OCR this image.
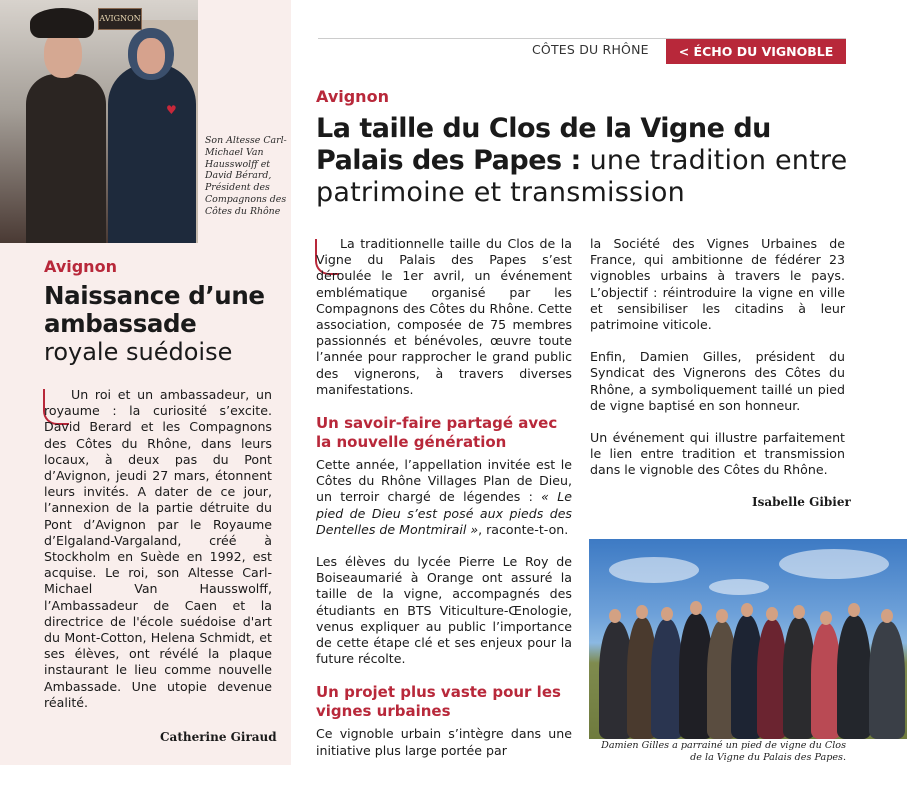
AVIGNON
♥

Son Altesse Carl-Michael Van Hausswolff et David Bérard, Président des Compagnons des Côtes du Rhône

Avignon

Naissance d’une ambassade
royale suédoise

Un roi et un ambassadeur, un royaume : la curiosité s’excite. David Berard et les Compagnons des Côtes du Rhône, dans leurs locaux, à deux pas du Pont d’Avignon, jeudi 27 mars, étonnent leurs invités. A dater de ce jour, l’annexion de la partie détruite du Pont d’Avignon par le Royaume d’Elgaland-Vargaland, créé à Stockholm en Suède en 1992, est acquise. Le roi, son Altesse Carl-Michael Van Hausswolff, l’Ambassadeur de Caen et la directrice de l'école suédoise d'art du Mont-Cotton, Helena Schmidt, et ses élèves, ont révélé la plaque instaurant le lieu comme nouvelle Ambassade. Une utopie devenue réalité.

Catherine Giraud

CÔTES DU RHÔNE	< ÉCHO DU VIGNOBLE

Avignon

La taille du Clos de la Vigne du Palais des Papes : une tradition entre patrimoine et transmission

La traditionnelle taille du Clos de la Vigne du Palais des Papes s’est déroulée le 1er avril, un événement emblématique organisé par les Compagnons des Côtes du Rhône. Cette association, composée de 75 membres passionnés et bénévoles, œuvre toute l’année pour rapprocher le grand public des vignerons, à travers diverses manifestations.

Un savoir-faire partagé avec la nouvelle génération

Cette année, l’appellation invitée est le Côtes du Rhône Villages Plan de Dieu, un terroir chargé de légendes : « Le pied de Dieu s’est posé aux pieds des Dentelles de Montmirail », raconte-t-on.

Les élèves du lycée Pierre Le Roy de Boiseaumarié à Orange ont assuré la taille de la vigne, accompagnés des étudiants en BTS Viticulture-Œnologie, venus expliquer au public l’importance de cette étape clé et ses enjeux pour la future récolte.

Un projet plus vaste pour les vignes urbaines

Ce vignoble urbain s’intègre dans une initiative plus large portée par

la Société des Vignes Urbaines de France, qui ambitionne de fédérer 23 vignobles urbains à travers le pays. L’objectif : réintroduire la vigne en ville et sensibiliser les citadins à leur patrimoine viticole.

Enfin, Damien Gilles, président du Syndicat des Vignerons des Côtes du Rhône, a symboliquement taillé un pied de vigne baptisé en son honneur.

Un événement qui illustre parfaitement le lien entre tradition et transmission dans le vignoble des Côtes du Rhône.

Isabelle Gibier

Damien Gilles a parrainé un pied de vigne du Clos de la Vigne du Palais des Papes.
